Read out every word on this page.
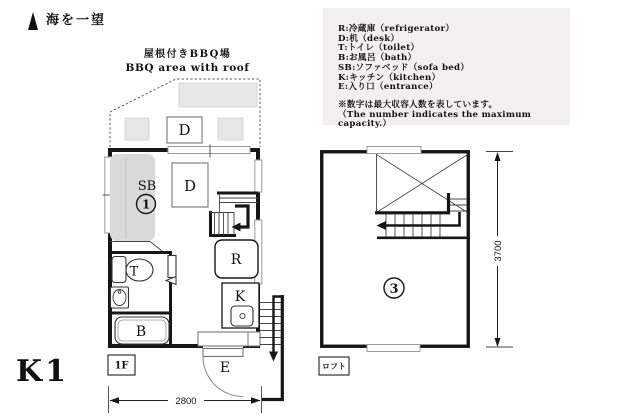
海を一望
屋根付きBBQ場
BBQ area with roof
R:冷蔵庫（refrigerator）
D:机（desk）
T:トイレ（toilet）
B:お風呂（bath）
SB:ソファベッド（sofa bed）
K:キッチン（kitchen）
E:入り口（entrance）
※数字は最大収容人数を表しています。
（The number indicates the maximum capacity.）
K1
D
SB
1
D
T
B
R
K
E
1F
2800
3
ロフト
3700
